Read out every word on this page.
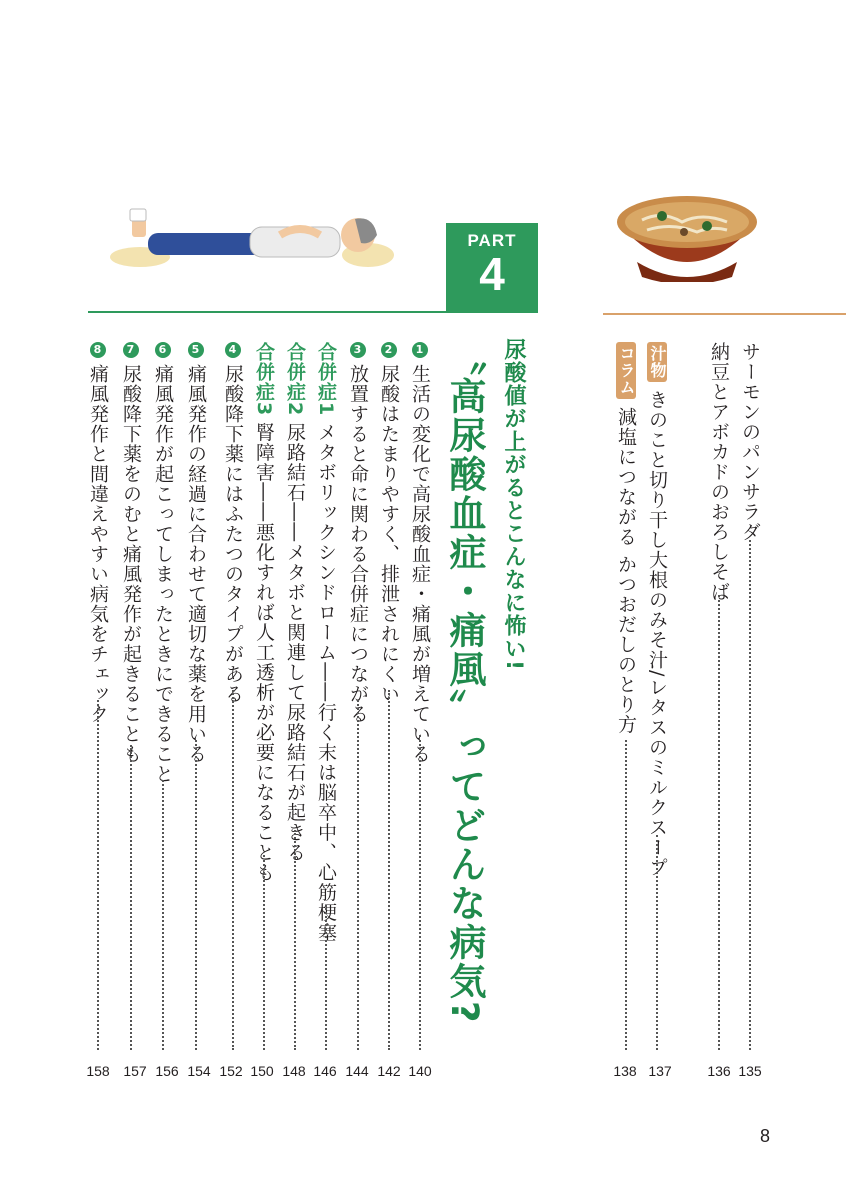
PART
4
〝高尿酸血症・痛風〟ってどんな病気? 尿酸値が上がるとこんなに怖い!	サーモンのパンサラダ
135
納豆とアボカドのおろしそば
136
汁物きのこと切り干し大根のみそ汁/レタスのミルクスープ
137
コラム減塩につながる かつおだしのとり方
138
1生活の変化で高尿酸血症・痛風が増えている
140
2尿酸はたまりやすく、排泄されにくい
142
3放置すると命に関わる合併症につながる
144
合併症1メタボリックシンドローム――行く末は脳卒中、心筋梗塞
146
合併症2尿路結石――メタボと関連して尿路結石が起きる
148
合併症3腎障害――悪化すれば人工透析が必要になることも
150
4尿酸降下薬にはふたつのタイプがある
152
5痛風発作の経過に合わせて適切な薬を用いる
154
6痛風発作が起こってしまったときにできること
156
7尿酸降下薬をのむと痛風発作が起きることも
157
8痛風発作と間違えやすい病気をチェック
158
8
